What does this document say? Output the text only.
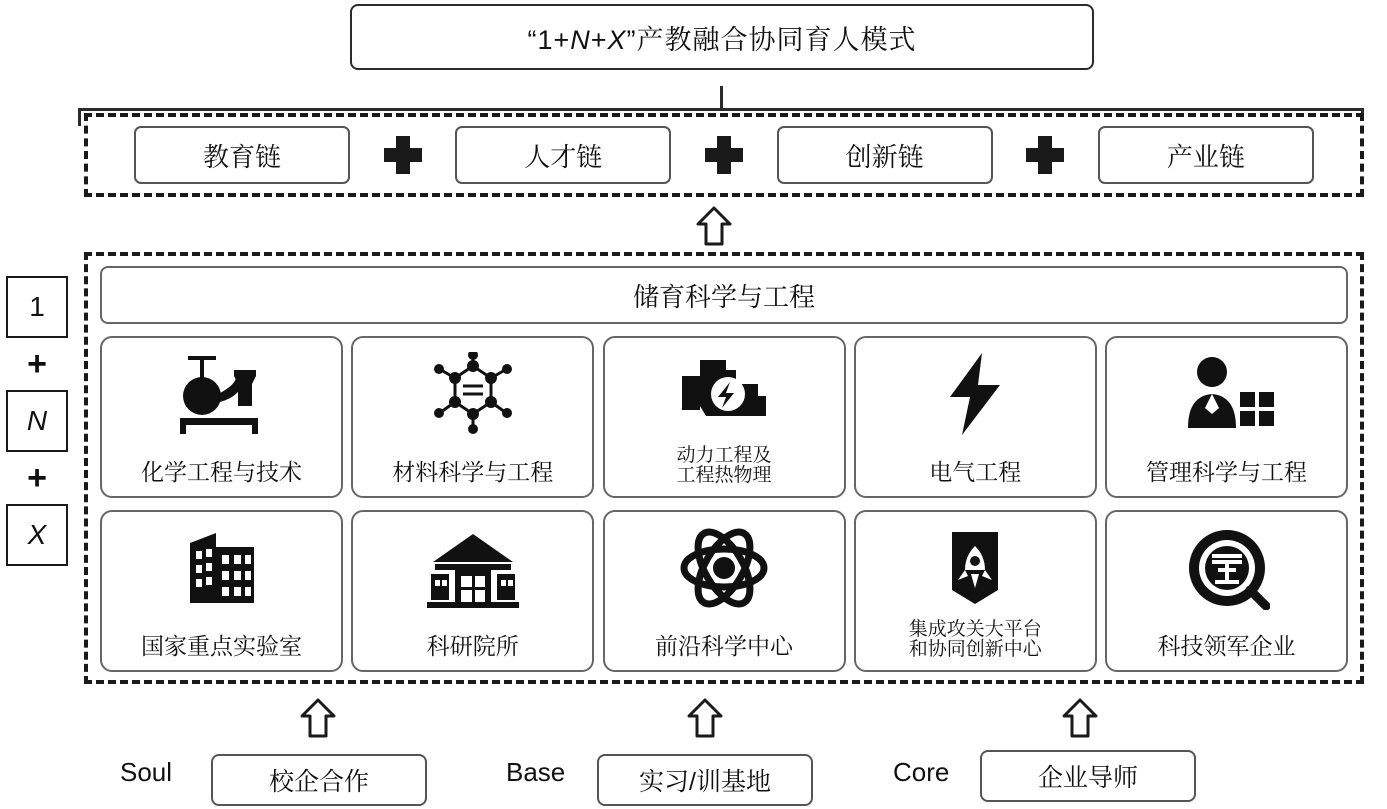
“1+N+X”产教融合协同育人模式
教育链	人才链	创新链	产业链
1
+
N
+
X
储育科学与工程
化学工程与技术	材料科学与工程
动力工程及
工程热物理	电气工程	管理科学与工程
国家重点实验室	科研院所	前沿科学中心
集成攻关大平台
和协同创新中心	科技领军企业
Soul	校企合作	Base	实习/训基地	Core	企业导师
